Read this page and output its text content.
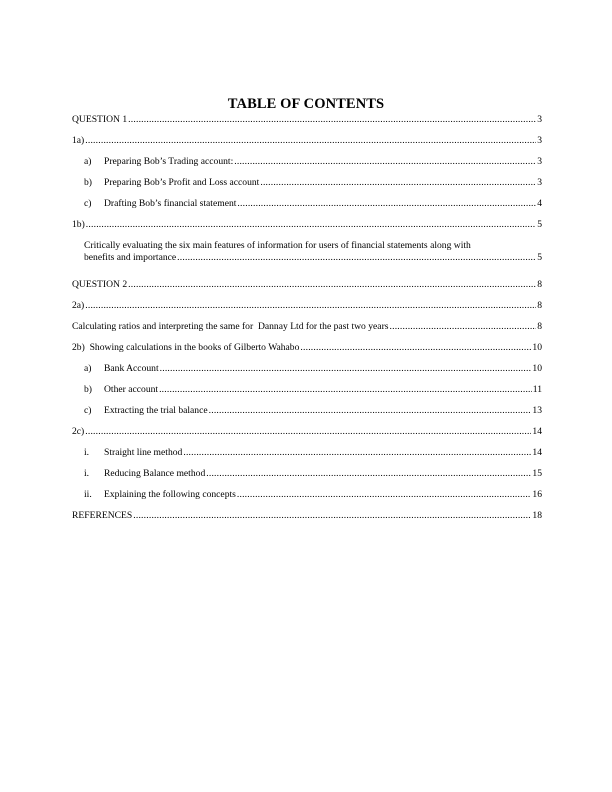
TABLE OF CONTENTS
QUESTION 1 .....	3
1a) .....	3
a)	Preparing Bob’s Trading account: .....	3
b)	Preparing Bob’s Profit and Loss account .....	3
c)	Drafting Bob’s financial statement .....	4
1b) .....	5
Critically evaluating the six main features of information for users of financial statements along with
benefits and importance .....	5
QUESTION 2 .....	8
2a) .....	8
Calculating ratios and interpreting the same for  Dannay Ltd for the past two years .....	8
2b)  Showing calculations in the books of Gilberto Wahabo .....	10
a)	Bank Account .....	10
b)	Other account .....	11
c)	Extracting the trial balance .....	13
2c) .....	14
i.	Straight line method .....	14
i.	Reducing Balance method .....	15
ii.	Explaining the following concepts .....	16
REFERENCES .....	18
